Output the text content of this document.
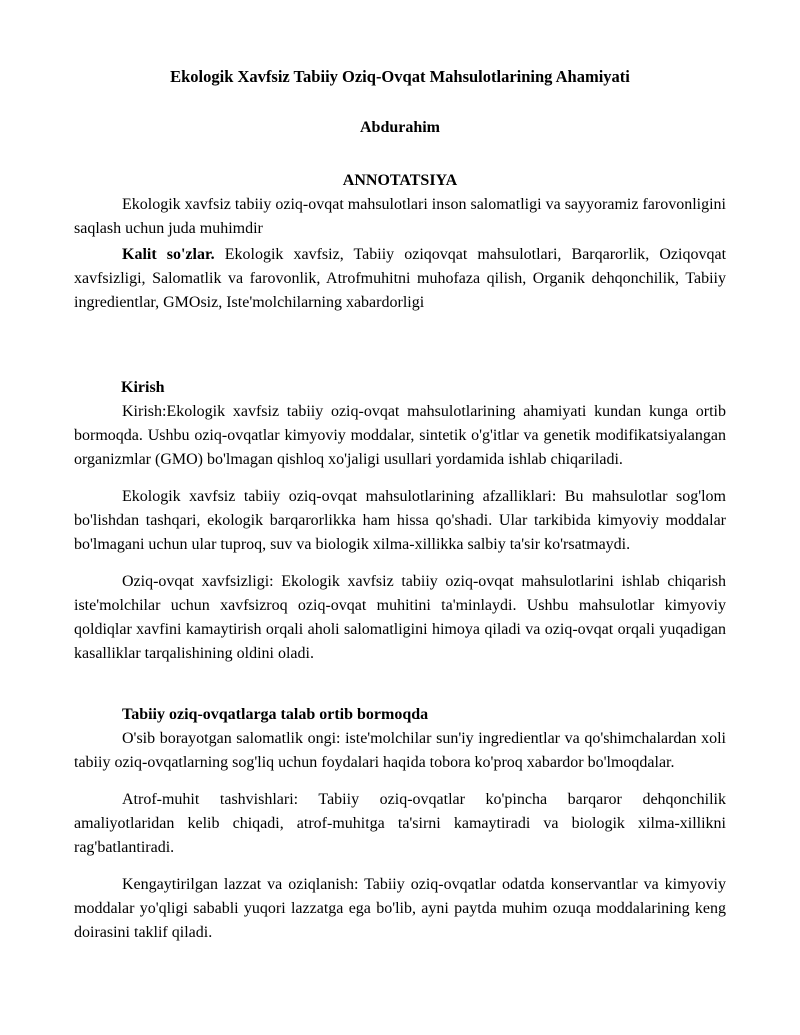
Ekologik Xavfsiz Tabiiy Oziq-Ovqat Mahsulotlarining Ahamiyati

Abdurahim

ANNOTATSIYA

Ekologik xavfsiz tabiiy oziq-ovqat mahsulotlari inson salomatligi va sayyoramiz farovonligini saqlash uchun juda muhimdir

Kalit so'zlar. Ekologik xavfsiz, Tabiiy oziqovqat mahsulotlari, Barqarorlik, Oziqovqat xavfsizligi, Salomatlik va farovonlik, Atrofmuhitni muhofaza qilish, Organik dehqonchilik, Tabiiy ingredientlar, GMOsiz, Iste'molchilarning xabardorligi

Kirish

Kirish:Ekologik xavfsiz tabiiy oziq-ovqat mahsulotlarining ahamiyati kundan kunga ortib bormoqda. Ushbu oziq-ovqatlar kimyoviy moddalar, sintetik o'g'itlar va genetik modifikatsiyalangan organizmlar (GMO) bo'lmagan qishloq xo'jaligi usullari yordamida ishlab chiqariladi.

Ekologik xavfsiz tabiiy oziq-ovqat mahsulotlarining afzalliklari: Bu mahsulotlar sog'lom bo'lishdan tashqari, ekologik barqarorlikka ham hissa qo'shadi. Ular tarkibida kimyoviy moddalar bo'lmagani uchun ular tuproq, suv va biologik xilma-xillikka salbiy ta'sir ko'rsatmaydi.

Oziq-ovqat xavfsizligi: Ekologik xavfsiz tabiiy oziq-ovqat mahsulotlarini ishlab chiqarish iste'molchilar uchun xavfsizroq oziq-ovqat muhitini ta'minlaydi. Ushbu mahsulotlar kimyoviy qoldiqlar xavfini kamaytirish orqali aholi salomatligini himoya qiladi va oziq-ovqat orqali yuqadigan kasalliklar tarqalishining oldini oladi.

Tabiiy oziq-ovqatlarga talab ortib bormoqda

O'sib borayotgan salomatlik ongi: iste'molchilar sun'iy ingredientlar va qo'shimchalardan xoli tabiiy oziq-ovqatlarning sog'liq uchun foydalari haqida tobora ko'proq xabardor bo'lmoqdalar.

Atrof-muhit tashvishlari: Tabiiy oziq-ovqatlar ko'pincha barqaror dehqonchilik amaliyotlaridan kelib chiqadi, atrof-muhitga ta'sirni kamaytiradi va biologik xilma-xillikni rag'batlantiradi.

Kengaytirilgan lazzat va oziqlanish: Tabiiy oziq-ovqatlar odatda konservantlar va kimyoviy moddalar yo'qligi sababli yuqori lazzatga ega bo'lib, ayni paytda muhim ozuqa moddalarining keng doirasini taklif qiladi.
